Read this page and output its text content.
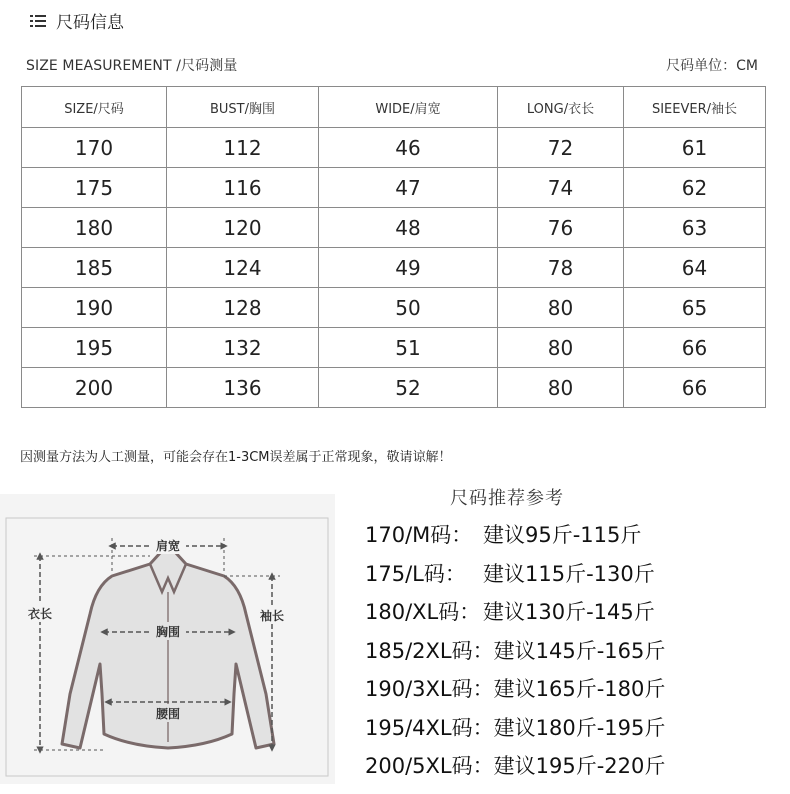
尺码信息
SIZE MEASUREMENT /尺码测量	尺码单位：CM
SIZE/尺码	BUST/胸围	WIDE/肩宽	LONG/衣长	SIEEVER/袖长
170	112	46	72	61
175	116	47	74	62
180	120	48	76	63
185	124	49	78	64
190	128	50	80	65
195	132	51	80	66
200	136	52	80	66
因测量方法为人工测量，可能会存在1-3CM误差属于正常现象，敬请谅解！
尺码推荐参考
肩宽
衣长	袖长
胸围
腰围
170/M码： 建议95斤-115斤
175/L码： 建议115斤-130斤
180/XL码： 建议130斤-145斤
185/2XL码： 建议145斤-165斤
190/3XL码： 建议165斤-180斤
195/4XL码： 建议180斤-195斤
200/5XL码： 建议195斤-220斤
